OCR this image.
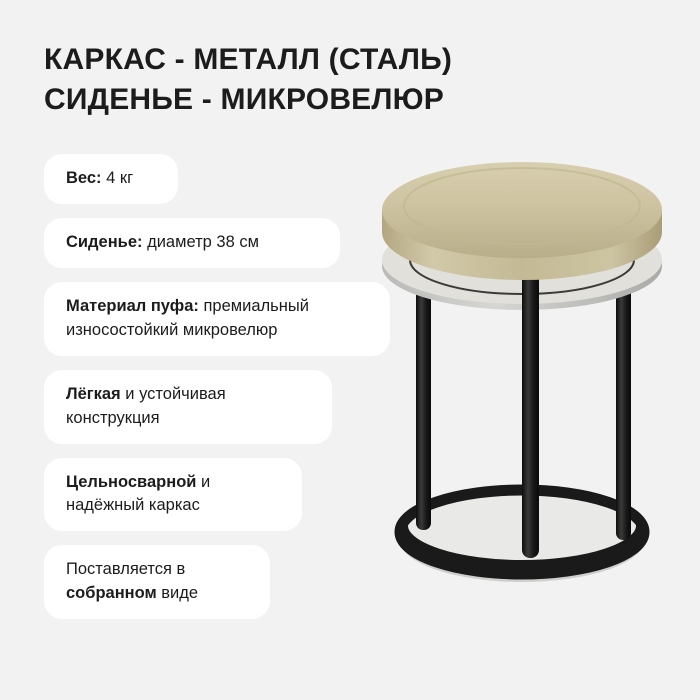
КАРКАС - МЕТАЛЛ (СТАЛЬ)
СИДЕНЬЕ - МИКРОВЕЛЮР
Вес: 4 кг Сиденье: диаметр 38 см Материал пуфа: премиальный износостойкий микровелюр Лёгкая и устойчивая конструкция Цельносварной и надёжный каркас Поставляется в собранном виде
